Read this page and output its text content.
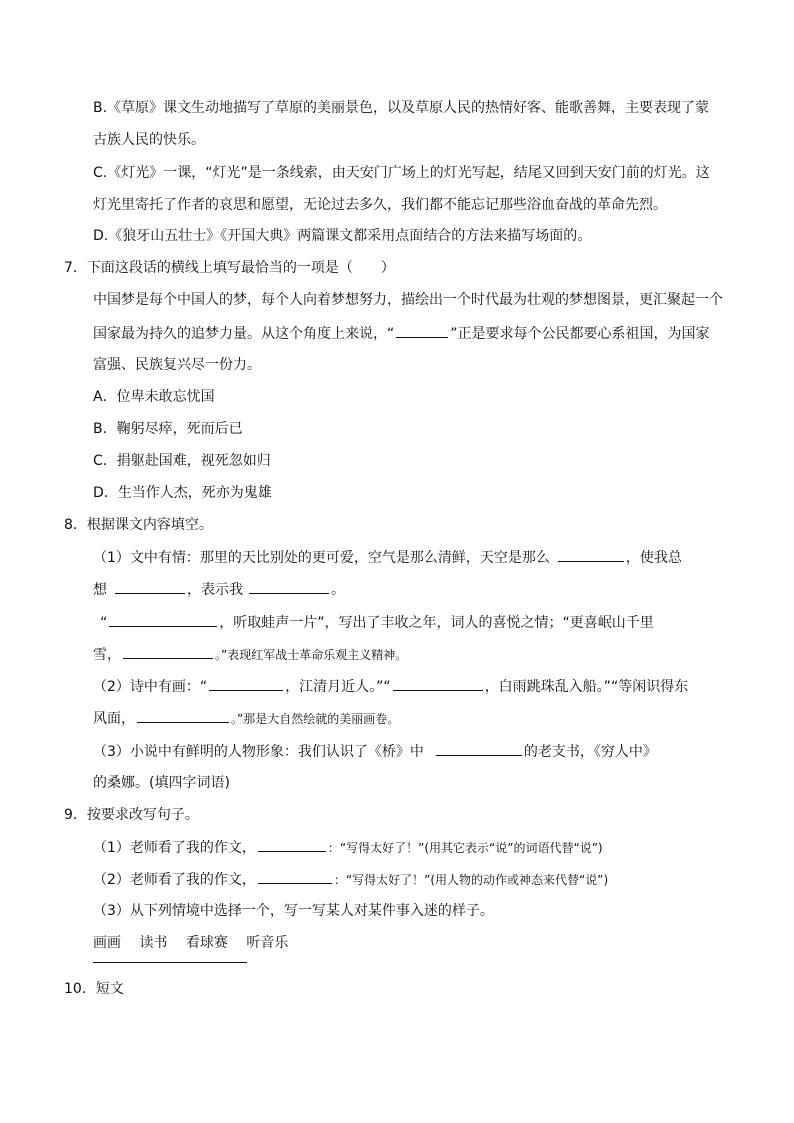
B.《草原》课文生动地描写了草原的美丽景色，以及草原人民的热情好客、能歌善舞，主要表现了蒙
古族人民的快乐。
C.《灯光》一课，“灯光”是一条线索，由天安门广场上的灯光写起，结尾又回到天安门前的灯光。这
灯光里寄托了作者的哀思和愿望，无论过去多久，我们都不能忘记那些浴血奋战的革命先烈。
D.《狼牙山五壮士》《开国大典》两篇课文都采用点面结合的方法来描写场面的。
7．下面这段话的横线上填写最恰当的一项是（　　）
中国梦是每个中国人的梦，每个人向着梦想努力，描绘出一个时代最为壮观的梦想图景，更汇聚起一个
国家最为持久的追梦力量。从这个角度上来说，“	”正是要求每个公民都要心系祖国，为国家
富强、民族复兴尽一份力。
A．位卑未敢忘忧国
B．鞠躬尽瘁，死而后已
C．捐躯赴国难，视死忽如归
D．生当作人杰，死亦为鬼雄
8．根据课文内容填空。
（1）文中有情：那里的天比别处的更可爱，空气是那么清鲜，天空是那么	，使我总
想	，表示我	。
“	，听取蛙声一片”，写出了丰收之年，词人的喜悦之情；“更喜岷山千里
雪，	。”表现红军战士革命乐观主义精神。
（2）诗中有画：“	，江清月近人。”“	，白雨跳珠乱入船。”“等闲识得东
风面，	。”那是大自然绘就的美丽画卷。
（3）小说中有鲜明的人物形象：我们认识了《桥》中	的老支书，《穷人中》
的桑娜。(填四字词语)
9．按要求改写句子。
（1）老师看了我的作文，	：“写得太好了！”(用其它表示“说”的词语代替“说”)
（2）老师看了我的作文，	：“写得太好了！”(用人物的动作或神态来代替“说”)
（3）从下列情境中选择一个，写一写某人对某件事入迷的样子。
画画 读书 看球赛 听音乐
10．短文
